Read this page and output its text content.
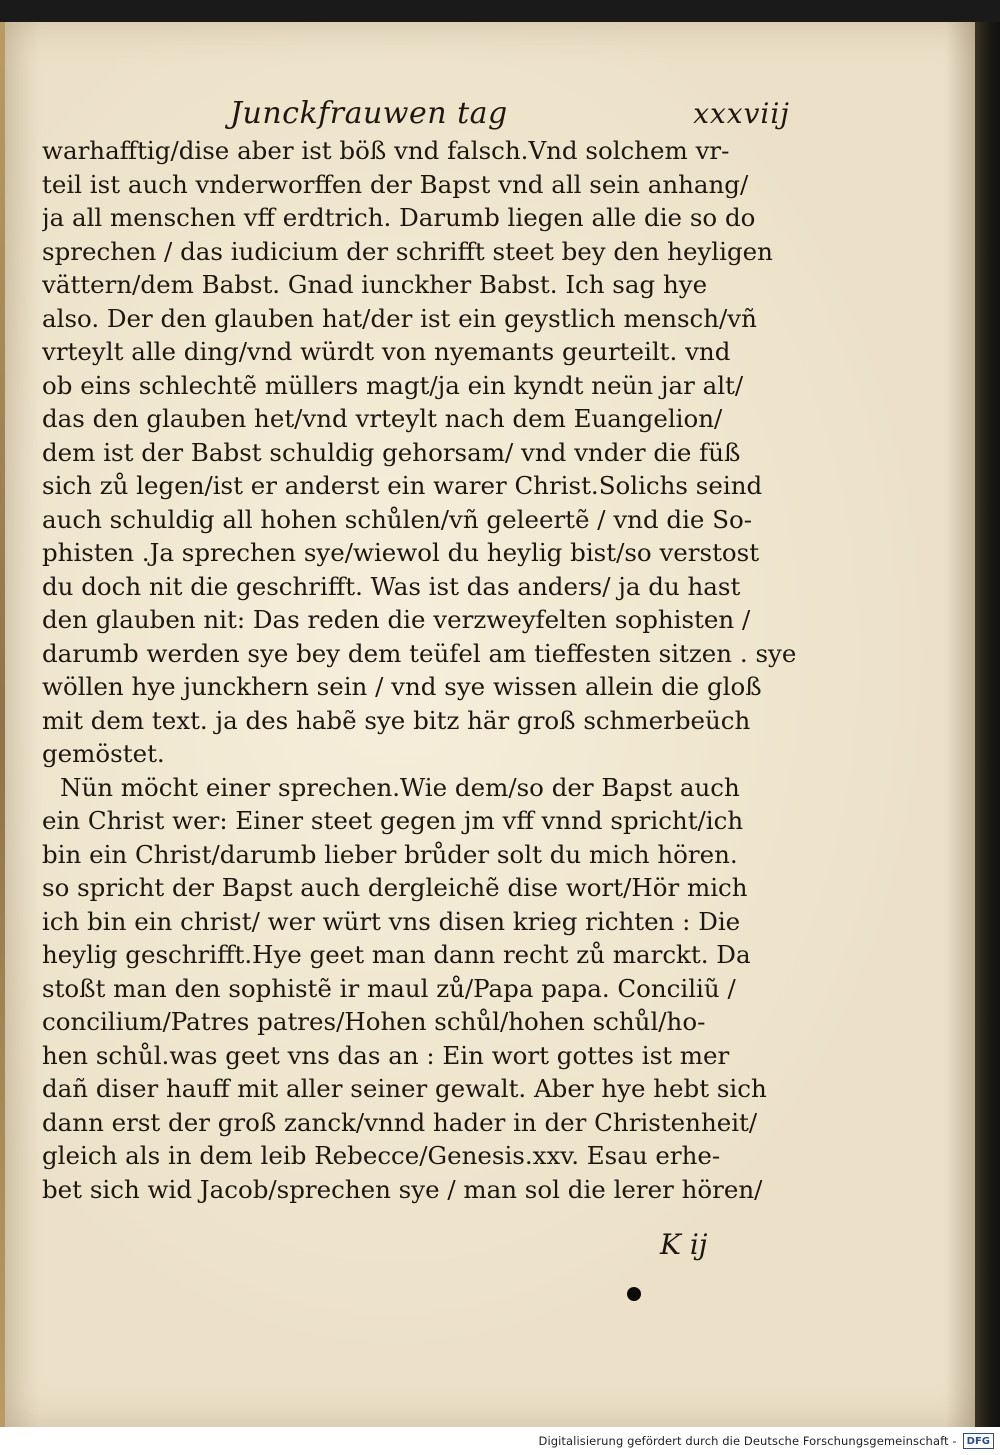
Junckfrauwen tag	xxxviij
warhafftig/dise aber ist böß vnd falsch.Vnd solchem vr-
teil ist auch vnderworffen der Bapst vnd all sein anhang/
ja all menschen vff erdtrich. Darumb liegen alle die so do
sprechen / das iudicium der schrifft steet bey den heyligen
vättern/dem Babst. Gnad iunckher Babst. Ich sag hye
also. Der den glauben hat/der ist ein geystlich mensch/vñ
vrteylt alle ding/vnd würdt von nyemants geurteilt. vnd
ob eins schlechtẽ müllers magt/ja ein kyndt neün jar alt/
das den glauben het/vnd vrteylt nach dem Euangelion/
dem ist der Babst schuldig gehorsam/ vnd vnder die füß
sich zů legen/ist er anderst ein warer Christ.Solichs seind
auch schuldig all hohen schůlen/vñ geleertẽ / vnd die So-
phisten .Ja sprechen sye/wiewol du heylig bist/so verstost
du doch nit die geschrifft. Was ist das anders/ ja du hast
den glauben nit: Das reden die verzweyfelten sophisten /
darumb werden sye bey dem teüfel am tieffesten sitzen . sye
wöllen hye junckhern sein / vnd sye wissen allein die gloß
mit dem text. ja des habẽ sye bitz här groß schmerbeüch
gemöstet.
Nün möcht einer sprechen.Wie dem/so der Bapst auch
ein Christ wer: Einer steet gegen jm vff vnnd spricht/ich
bin ein Christ/darumb lieber brůder solt du mich hören.
so spricht der Bapst auch dergleichẽ dise wort/Hör mich
ich bin ein christ/ wer würt vns disen krieg richten : Die
heylig geschrifft.Hye geet man dann recht zů marckt. Da
stoßt man den sophistẽ ir maul zů/Papa papa. Conciliũ /
concilium/Patres patres/Hohen schůl/hohen schůl/ho-
hen schůl.was geet vns das an : Ein wort gottes ist mer
dañ diser hauff mit aller seiner gewalt. Aber hye hebt sich
dann erst der groß zanck/vnnd hader in der Christenheit/
gleich als in dem leib Rebecce/Genesis.xxv. Esau erhe-
bet sich wid Jacob/sprechen sye / man sol die lerer hören/
K ij
Digitalisierung gefördert durch die Deutsche Forschungsgemeinschaft -	DFG
